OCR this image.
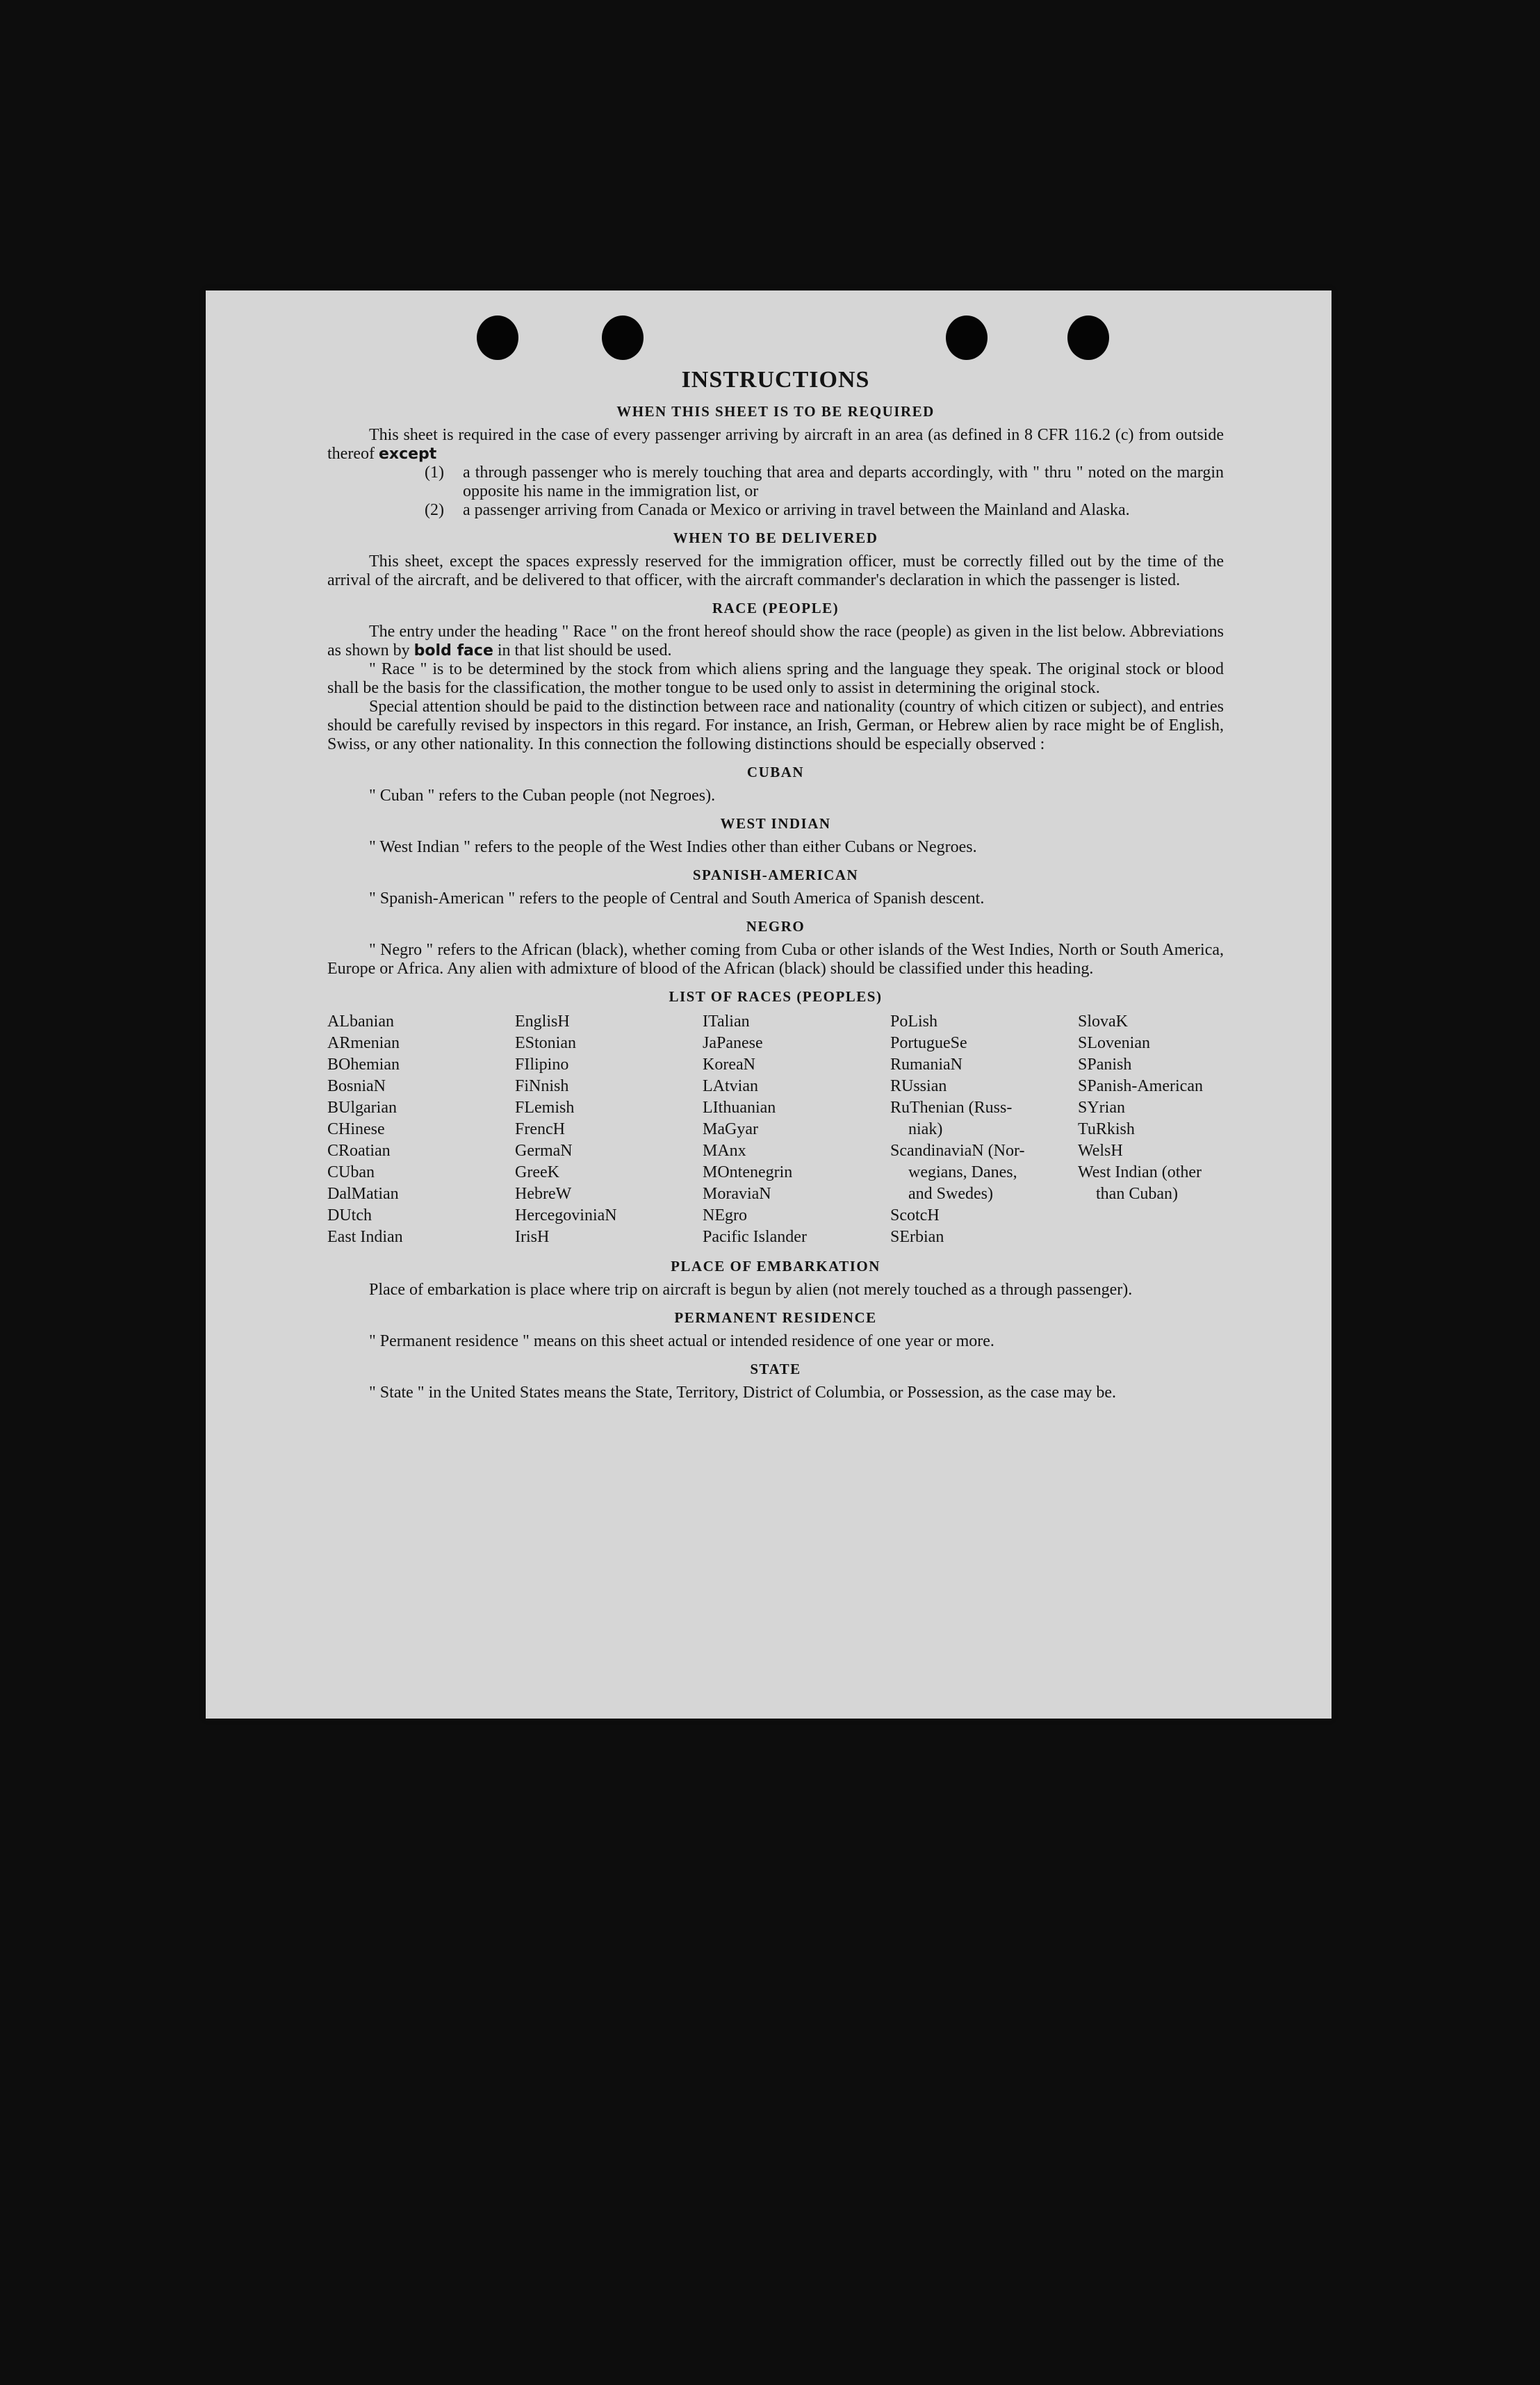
INSTRUCTIONS
WHEN THIS SHEET IS TO BE REQUIRED

This sheet is required in the case of every passenger arriving by aircraft in an area (as defined in 8 CFR 116.2 (c) from outside thereof except

(1)	a through passenger who is merely touching that area and departs accordingly, with " thru " noted on the margin opposite his name in the immigration list, or

(2)	a passenger arriving from Canada or Mexico or arriving in travel between the Mainland and Alaska.

WHEN TO BE DELIVERED

This sheet, except the spaces expressly reserved for the immigration officer, must be correctly filled out by the time of the arrival of the aircraft, and be delivered to that officer, with the aircraft commander's declaration in which the passenger is listed.

RACE (PEOPLE)

The entry under the heading " Race " on the front hereof should show the race (people) as given in the list below. Abbreviations as shown by bold face in that list should be used.

" Race " is to be determined by the stock from which aliens spring and the language they speak. The original stock or blood shall be the basis for the classification, the mother tongue to be used only to assist in determining the original stock.

Special attention should be paid to the distinction between race and nationality (country of which citizen or subject), and entries should be carefully revised by inspectors in this regard. For instance, an Irish, German, or Hebrew alien by race might be of English, Swiss, or any other nationality. In this connection the following distinctions should be especially observed :

CUBAN

" Cuban " refers to the Cuban people (not Negroes).

WEST INDIAN

" West Indian " refers to the people of the West Indies other than either Cubans or Negroes.

SPANISH-AMERICAN

" Spanish-American " refers to the people of Central and South America of Spanish descent.

NEGRO

" Negro " refers to the African (black), whether coming from Cuba or other islands of the West Indies, North or South America, Europe or Africa. Any alien with admixture of blood of the African (black) should be classified under this heading.

LIST OF RACES (PEOPLES)
ALbanian
ARmenian
BOhemian
BosniaN
BUlgarian
CHinese
CRoatian
CUban
DalMatian
DUtch
East Indian
EnglisH
EStonian
FIlipino
FiNnish
FLemish
FrencH
GermaN
GreeK
HebreW
HercegoviniaN
IrisH
ITalian
JaPanese
KoreaN
LAtvian
LIthuanian
MaGyar
MAnx
MOntenegrin
MoraviaN
NEgro
Pacific Islander
PoLish
PortugueSe
RumaniaN
RUssian
RuThenian (Russ-
niak)
ScandinaviaN (Nor-
wegians, Danes,
and Swedes)
ScotcH
SErbian
SlovaK
SLovenian
SPanish
SPanish-American
SYrian
TuRkish
WelsH
West Indian (other
than Cuban)
PLACE OF EMBARKATION

Place of embarkation is place where trip on aircraft is begun by alien (not merely touched as a through passenger).

PERMANENT RESIDENCE

" Permanent residence " means on this sheet actual or intended residence of one year or more.

STATE

" State " in the United States means the State, Territory, District of Columbia, or Possession, as the case may be.
